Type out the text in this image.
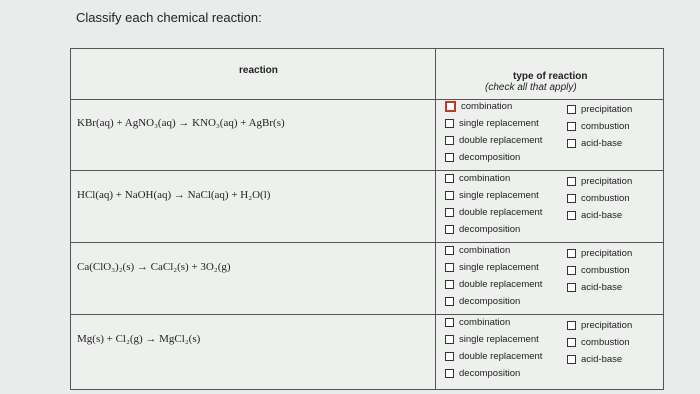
Classify each chemical reaction:
reaction
type of reaction
(check all that apply)
KBr(aq) + AgNO₃(aq) → KNO₃(aq) + AgBr(s)
combination
single replacement
double replacement
decomposition
precipitation
combustion
acid-base
HCl(aq) + NaOH(aq) → NaCl(aq) + H₂O(l)
combination
single replacement
double replacement
decomposition
precipitation
combustion
acid-base
Ca(ClO₃)₂(s) → CaCl₂(s) + 3O₂(g)
combination
single replacement
double replacement
decomposition
precipitation
combustion
acid-base
Mg(s) + Cl₂(g) → MgCl₂(s)
combination
single replacement
double replacement
decomposition
precipitation
combustion
acid-base
